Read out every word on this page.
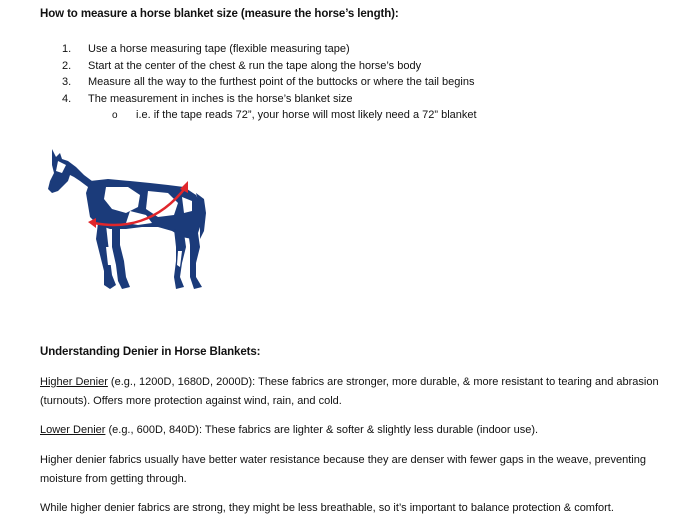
How to measure a horse blanket size (measure the horse’s length):
1. Use a horse measuring tape (flexible measuring tape)
2. Start at the center of the chest & run the tape along the horse’s body
3. Measure all the way to the furthest point of the buttocks or where the tail begins
4. The measurement in inches is the horse’s blanket size
o i.e. if the tape reads 72”, your horse will most likely need a 72” blanket
Understanding Denier in Horse Blankets:

Higher Denier (e.g., 1200D, 1680D, 2000D): These fabrics are stronger, more durable, & more resistant to tearing and abrasion (turnouts). Offers more protection against wind, rain, and cold.

Lower Denier (e.g., 600D, 840D): These fabrics are lighter & softer & slightly less durable (indoor use).

Higher denier fabrics usually have better water resistance because they are denser with fewer gaps in the weave, preventing moisture from getting through.

While higher denier fabrics are strong, they might be less breathable, so it’s important to balance protection & comfort.
